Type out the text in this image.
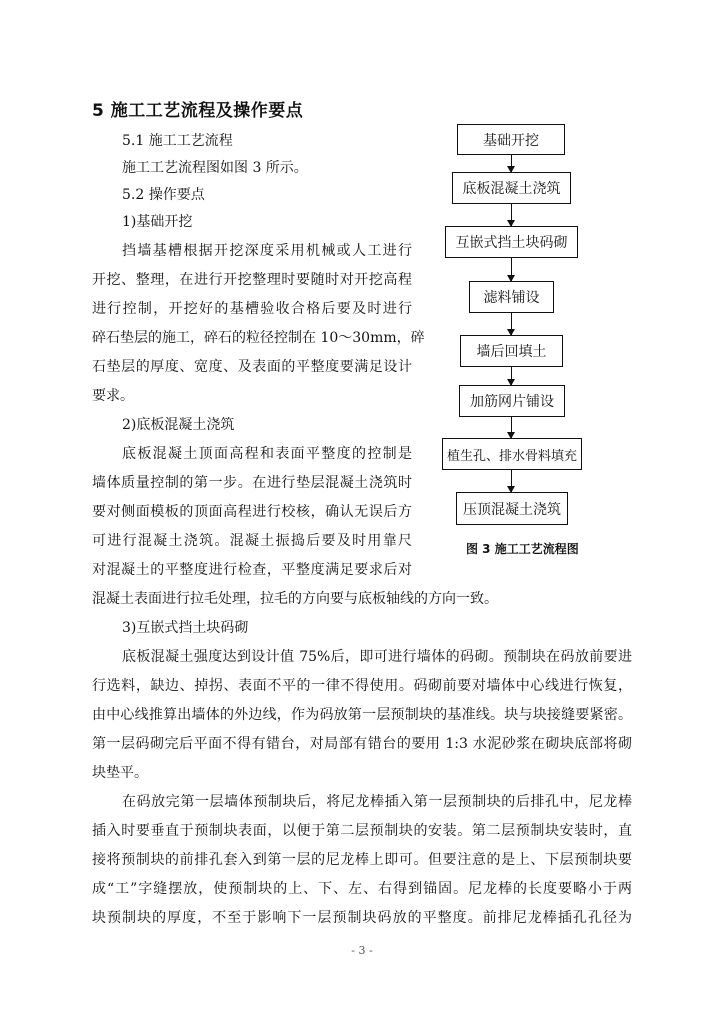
5 施工工艺流程及操作要点
5.1 施工工艺流程
施工工艺流程图如图 3 所示。
5.2 操作要点
1)基础开挖
挡墙基槽根据开挖深度采用机械或人工进行
开挖、整理，在进行开挖整理时要随时对开挖高程
进行控制，开挖好的基槽验收合格后要及时进行
碎石垫层的施工，碎石的粒径控制在 10～30mm，碎
石垫层的厚度、宽度、及表面的平整度要满足设计
要求。
2)底板混凝土浇筑
底板混凝土顶面高程和表面平整度的控制是
墙体质量控制的第一步。在进行垫层混凝土浇筑时
要对侧面模板的顶面高程进行校核，确认无误后方
可进行混凝土浇筑。混凝土振捣后要及时用靠尺
对混凝土的平整度进行检查，平整度满足要求后对
混凝土表面进行拉毛处理，拉毛的方向要与底板轴线的方向一致。
3)互嵌式挡土块码砌
底板混凝土强度达到设计值 75%后，即可进行墙体的码砌。预制块在码放前要进
行选料，缺边、掉拐、表面不平的一律不得使用。码砌前要对墙体中心线进行恢复，
由中心线推算出墙体的外边线，作为码放第一层预制块的基准线。块与块接缝要紧密。
第一层码砌完后平面不得有错台，对局部有错台的要用 1:3 水泥砂浆在砌块底部将砌
块垫平。
在码放完第一层墙体预制块后，将尼龙棒插入第一层预制块的后排孔中，尼龙棒
插入时要垂直于预制块表面，以便于第二层预制块的安装。第二层预制块安装时，直
接将预制块的前排孔套入到第一层的尼龙棒上即可。但要注意的是上、下层预制块要
成“工”字缝摆放，使预制块的上、下、左、右得到锚固。尼龙棒的长度要略小于两
块预制块的厚度，不至于影响下一层预制块码放的平整度。前排尼龙棒插孔孔径为
基础开挖
底板混凝土浇筑
互嵌式挡土块码砌
滤料铺设
墙后回填土
加筋网片铺设
植生孔、排水骨料填充
压顶混凝土浇筑
图 3 施工工艺流程图
- 3 -
